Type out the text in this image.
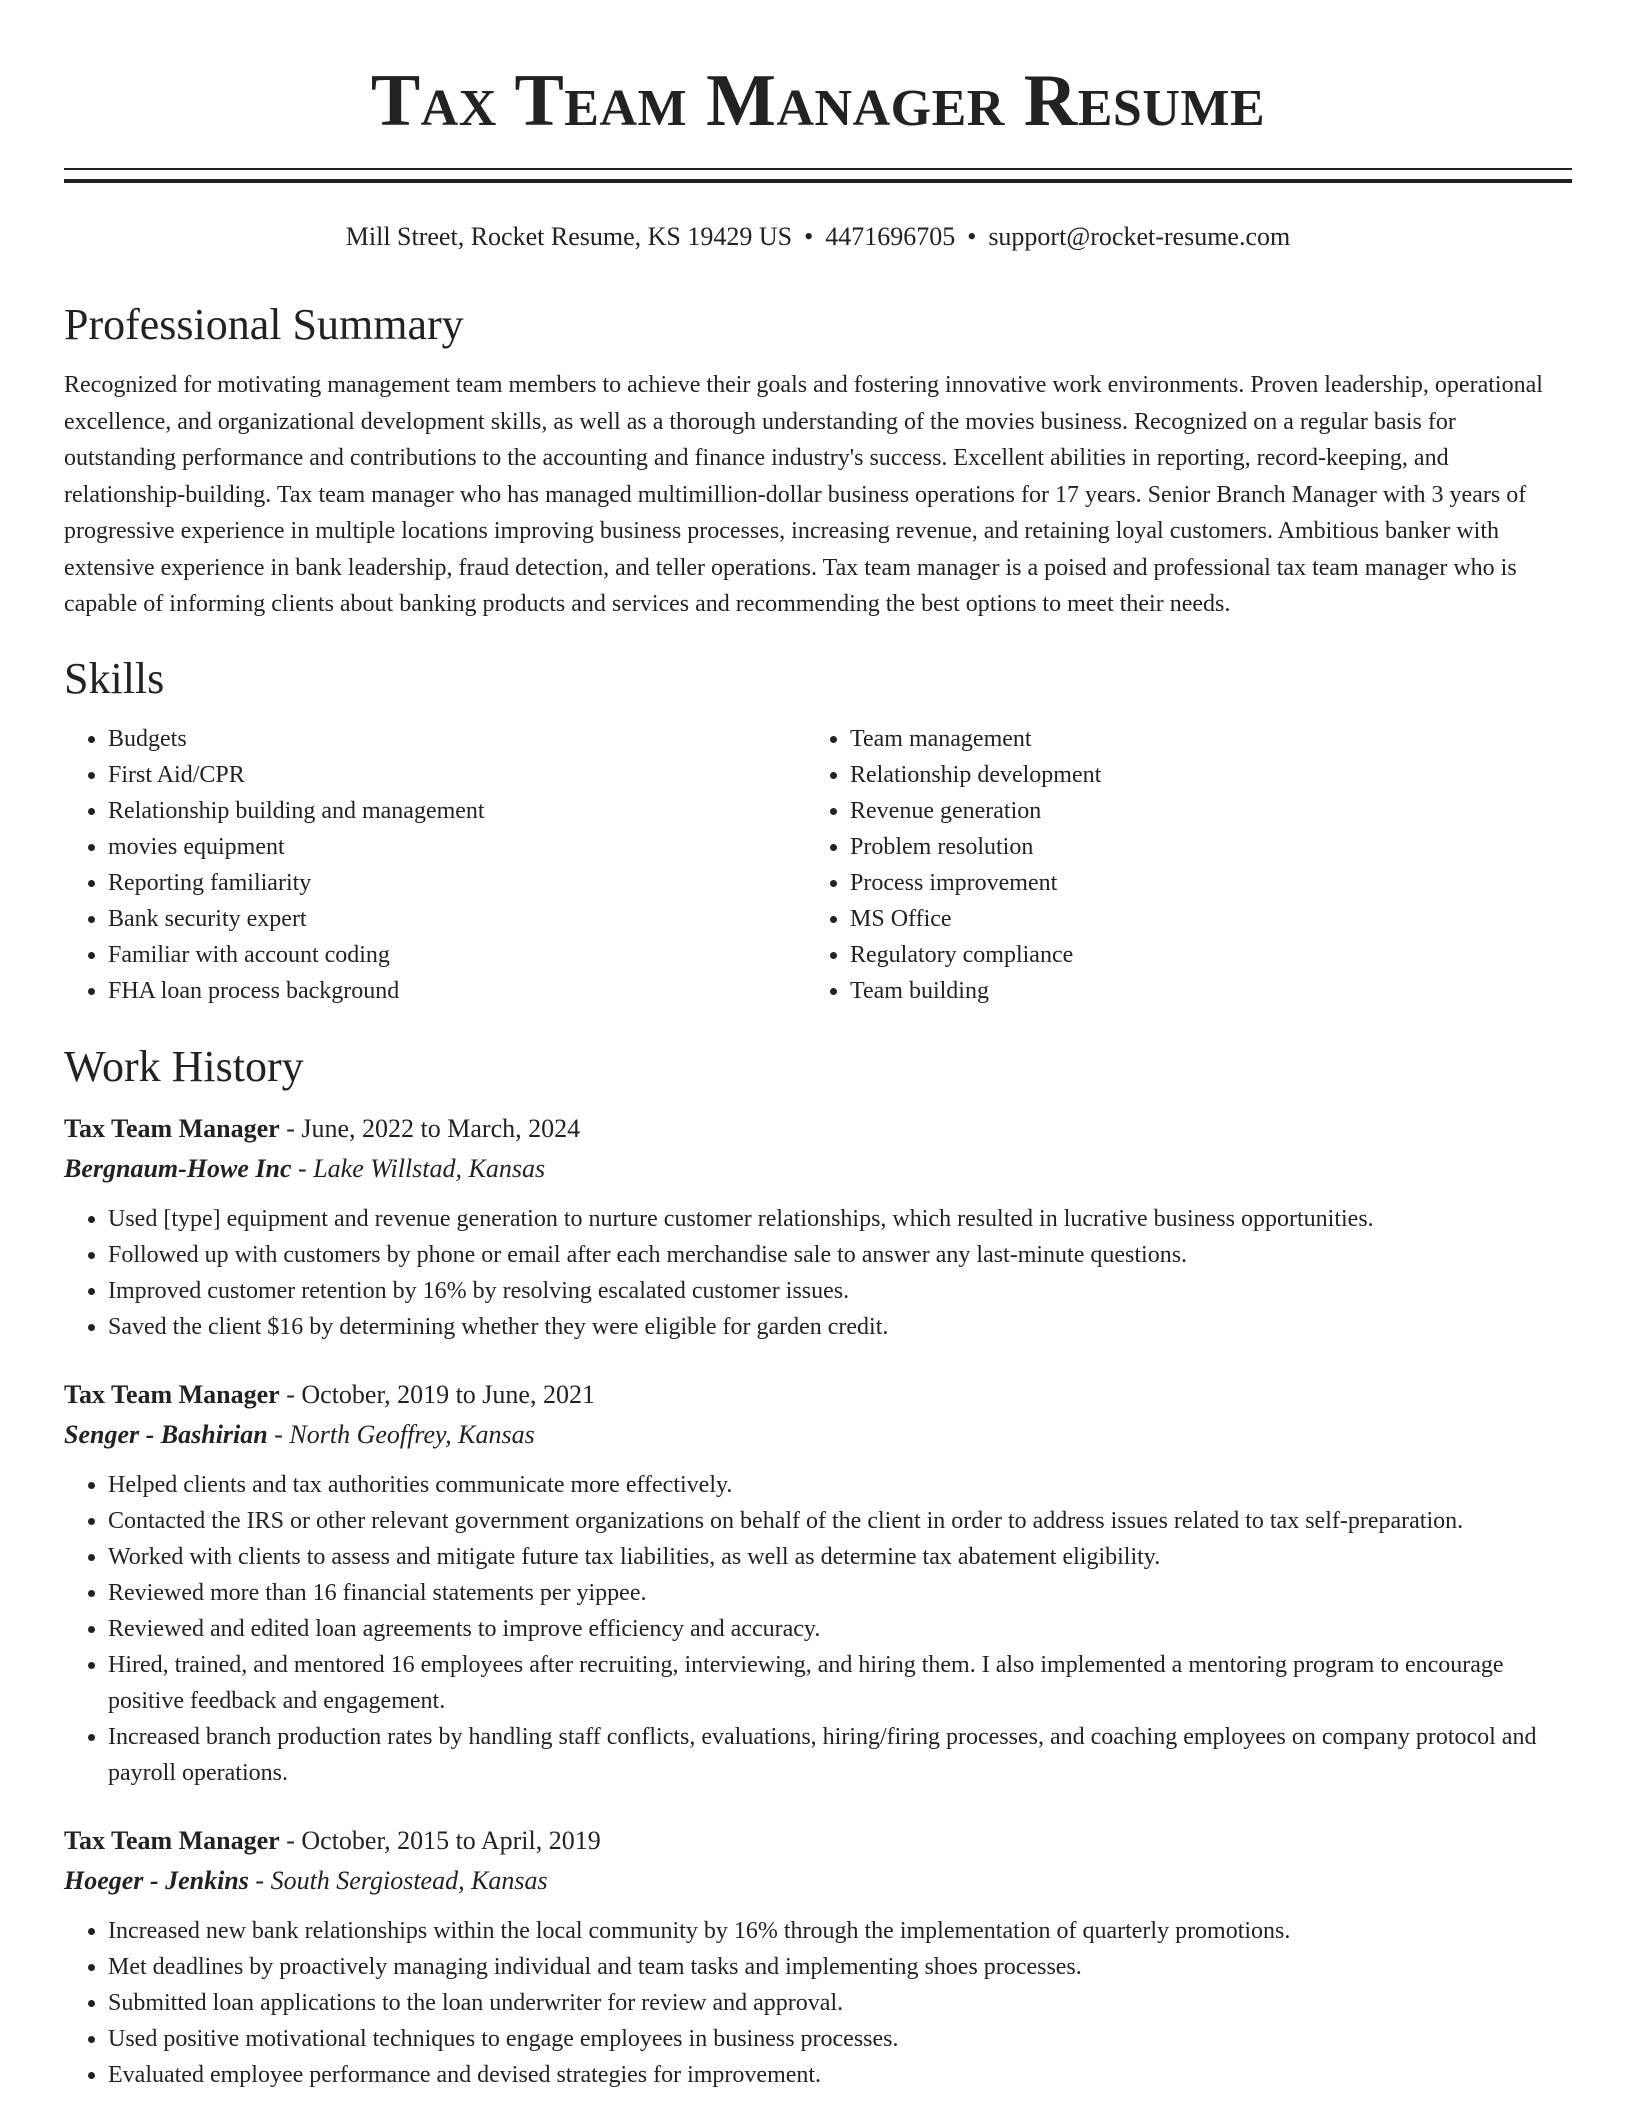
Tax Team Manager Resume
Mill Street, Rocket Resume, KS 19429 US • 4471696705 • support@rocket-resume.com
Professional Summary

Recognized for motivating management team members to achieve their goals and fostering innovative work environments. Proven leadership, operational excellence, and organizational development skills, as well as a thorough understanding of the movies business. Recognized on a regular basis for outstanding performance and contributions to the accounting and finance industry's success. Excellent abilities in reporting, record-keeping, and relationship-building. Tax team manager who has managed multimillion-dollar business operations for 17 years. Senior Branch Manager with 3 years of progressive experience in multiple locations improving business processes, increasing revenue, and retaining loyal customers. Ambitious banker with extensive experience in bank leadership, fraud detection, and teller operations. Tax team manager is a poised and professional tax team manager who is capable of informing clients about banking products and services and recommending the best options to meet their needs.

Skills
• Budgets
• First Aid/CPR
• Relationship building and management
• movies equipment
• Reporting familiarity
• Bank security expert
• Familiar with account coding
• FHA loan process background
• Team management
• Relationship development
• Revenue generation
• Problem resolution
• Process improvement
• MS Office
• Regulatory compliance
• Team building
Work History
Tax Team Manager - June, 2022 to March, 2024
Bergnaum-Howe Inc - Lake Willstad, Kansas
• Used [type] equipment and revenue generation to nurture customer relationships, which resulted in lucrative business opportunities.
• Followed up with customers by phone or email after each merchandise sale to answer any last-minute questions.
• Improved customer retention by 16% by resolving escalated customer issues.
• Saved the client $16 by determining whether they were eligible for garden credit.
Tax Team Manager - October, 2019 to June, 2021
Senger - Bashirian - North Geoffrey, Kansas
• Helped clients and tax authorities communicate more effectively.
• Contacted the IRS or other relevant government organizations on behalf of the client in order to address issues related to tax self-preparation.
• Worked with clients to assess and mitigate future tax liabilities, as well as determine tax abatement eligibility.
• Reviewed more than 16 financial statements per yippee.
• Reviewed and edited loan agreements to improve efficiency and accuracy.
• Hired, trained, and mentored 16 employees after recruiting, interviewing, and hiring them. I also implemented a mentoring program to encourage positive feedback and engagement.
• Increased branch production rates by handling staff conflicts, evaluations, hiring/firing processes, and coaching employees on company protocol and payroll operations.
Tax Team Manager - October, 2015 to April, 2019
Hoeger - Jenkins - South Sergiostead, Kansas
• Increased new bank relationships within the local community by 16% through the implementation of quarterly promotions.
• Met deadlines by proactively managing individual and team tasks and implementing shoes processes.
• Submitted loan applications to the loan underwriter for review and approval.
• Used positive motivational techniques to engage employees in business processes.
• Evaluated employee performance and devised strategies for improvement.
